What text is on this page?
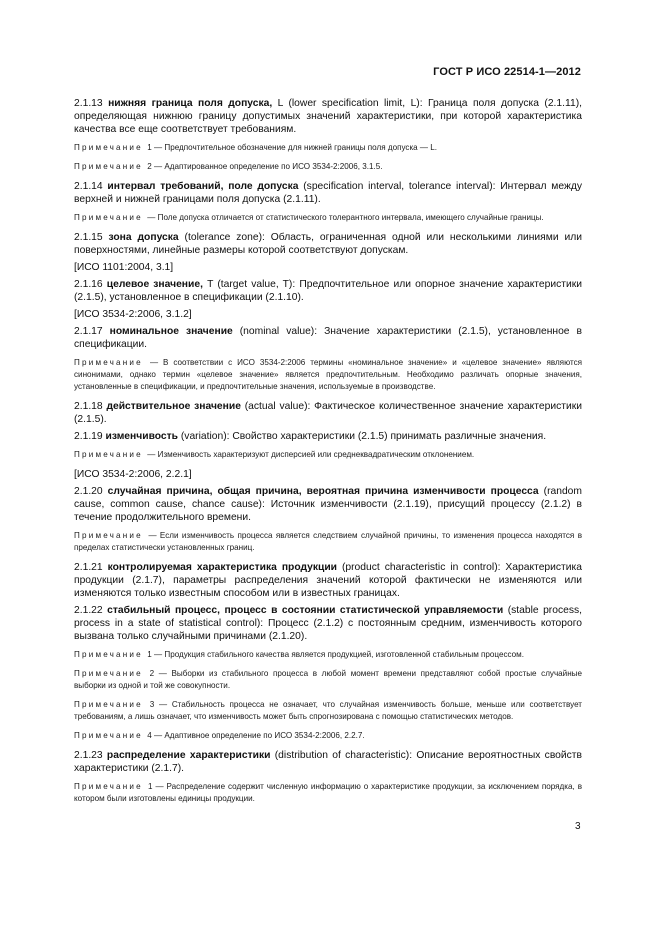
ГОСТ Р ИСО 22514-1—2012
2.1.13 нижняя граница поля допуска, L (lower specification limit, L): Граница поля допуска (2.1.11), определяющая нижнюю границу допустимых значений характеристики, при которой характеристика качества все еще соответствует требованиям.
Примечание 1 — Предпочтительное обозначение для нижней границы поля допуска — L.
Примечание 2 — Адаптированное определение по ИСО 3534-2:2006, 3.1.5.
2.1.14 интервал требований, поле допуска (specification interval, tolerance interval): Интервал между верхней и нижней границами поля допуска (2.1.11).
Примечание — Поле допуска отличается от статистического толерантного интервала, имеющего случайные границы.
2.1.15 зона допуска (tolerance zone): Область, ограниченная одной или несколькими линиями или поверхностями, линейные размеры которой соответствуют допускам.
[ИСО 1101:2004, 3.1]
2.1.16 целевое значение, T (target value, T): Предпочтительное или опорное значение характеристики (2.1.5), установленное в спецификации (2.1.10).
[ИСО 3534-2:2006, 3.1.2]
2.1.17 номинальное значение (nominal value): Значение характеристики (2.1.5), установленное в спецификации.
Примечание — В соответствии с ИСО 3534-2:2006 термины «номинальное значение» и «целевое значение» являются синонимами, однако термин «целевое значение» является предпочтительным. Необходимо различать опорные значения, установленные в спецификации, и предпочтительные значения, используемые в производстве.
2.1.18 действительное значение (actual value): Фактическое количественное значение характеристики (2.1.5).
2.1.19 изменчивость (variation): Свойство характеристики (2.1.5) принимать различные значения.
Примечание — Изменчивость характеризуют дисперсией или среднеквадратическим отклонением.
[ИСО 3534-2:2006, 2.2.1]
2.1.20 случайная причина, общая причина, вероятная причина изменчивости процесса (random cause, common cause, chance cause): Источник изменчивости (2.1.19), присущий процессу (2.1.2) в течение продолжительного времени.
Примечание — Если изменчивость процесса является следствием случайной причины, то изменения процесса находятся в пределах статистически установленных границ.
2.1.21 контролируемая характеристика продукции (product characteristic in control): Характеристика продукции (2.1.7), параметры распределения значений которой фактически не изменяются или изменяются только известным способом или в известных границах.
2.1.22 стабильный процесс, процесс в состоянии статистической управляемости (stable process, process in a state of statistical control): Процесс (2.1.2) с постоянным средним, изменчивость которого вызвана только случайными причинами (2.1.20).
Примечание 1 — Продукция стабильного качества является продукцией, изготовленной стабильным процессом.
Примечание 2 — Выборки из стабильного процесса в любой момент времени представляют собой простые случайные выборки из одной и той же совокупности.
Примечание 3 — Стабильность процесса не означает, что случайная изменчивость больше, меньше или соответствует требованиям, а лишь означает, что изменчивость может быть спрогнозирована с помощью статистических методов.
Примечание 4 — Адаптивное определение по ИСО 3534-2:2006, 2.2.7.
2.1.23 распределение характеристики (distribution of characteristic): Описание вероятностных свойств характеристики (2.1.7).
Примечание 1 — Распределение содержит численную информацию о характеристике продукции, за исключением порядка, в котором были изготовлены единицы продукции.
3
